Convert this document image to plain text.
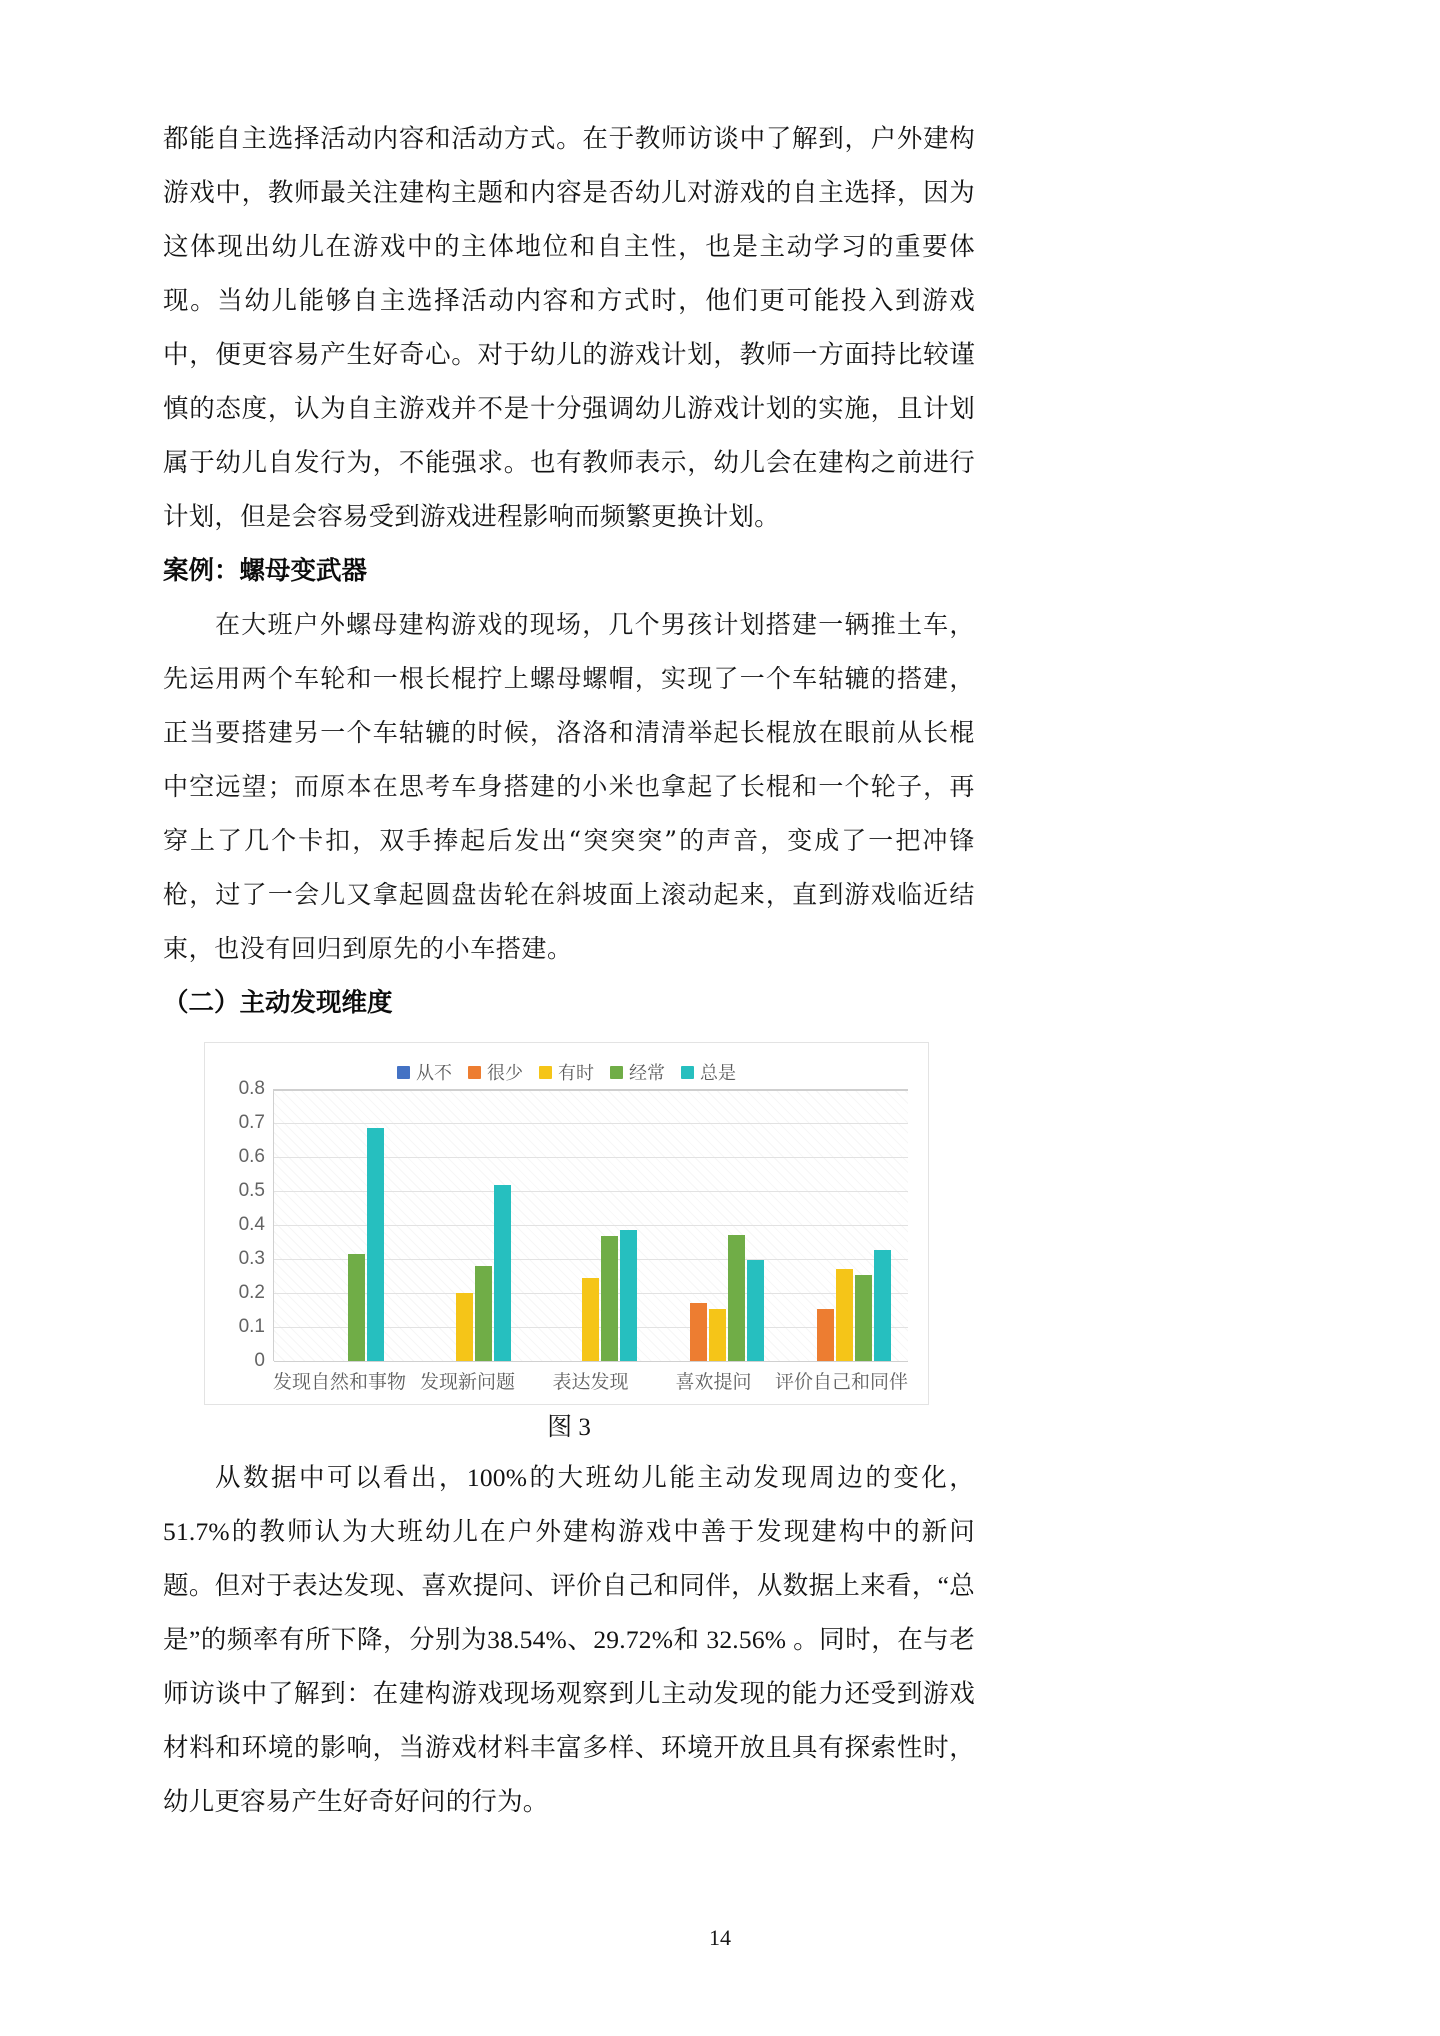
都能自主选择活动内容和活动方式。在于教师访谈中了解到，户外建构游戏中，教师最关注建构主题和内容是否幼儿对游戏的自主选择，因为这体现出幼儿在游戏中的主体地位和自主性，也是主动学习的重要体现。当幼儿能够自主选择活动内容和方式时，他们更可能投入到游戏中，便更容易产生好奇心。对于幼儿的游戏计划，教师一方面持比较谨慎的态度，认为自主游戏并不是十分强调幼儿游戏计划的实施，且计划属于幼儿自发行为，不能强求。也有教师表示，幼儿会在建构之前进行计划，但是会容易受到游戏进程影响而频繁更换计划。

案例：螺母变武器

在大班户外螺母建构游戏的现场，几个男孩计划搭建一辆推土车，先运用两个车轮和一根长棍拧上螺母螺帽，实现了一个车轱辘的搭建，正当要搭建另一个车轱辘的时候，洛洛和清清举起长棍放在眼前从长棍中空远望；而原本在思考车身搭建的小米也拿起了长棍和一个轮子，再穿上了几个卡扣，双手捧起后发出“突突突”的声音，变成了一把冲锋枪，过了一会儿又拿起圆盘齿轮在斜坡面上滚动起来，直到游戏临近结束，也没有回归到原先的小车搭建。

（二）主动发现维度

从不 很少 有时 经常 总是
0.8
0.7
0.6
0.5
0.4
0.3
0.2
0.1
0
发现自然和事物 发现新问题	表达发现	喜欢提问	评价自己和同伴

图 3

从数据中可以看出，100%的大班幼儿能主动发现周边的变化，51.7%的教师认为大班幼儿在户外建构游戏中善于发现建构中的新问题。但对于表达发现、喜欢提问、评价自己和同伴，从数据上来看，“总是”的频率有所下降，分别为38.54%、29.72%和 32.56% 。同时，在与老师访谈中了解到：在建构游戏现场观察到儿主动发现的能力还受到游戏材料和环境的影响，当游戏材料丰富多样、环境开放且具有探索性时，幼儿更容易产生好奇好问的行为。

14
